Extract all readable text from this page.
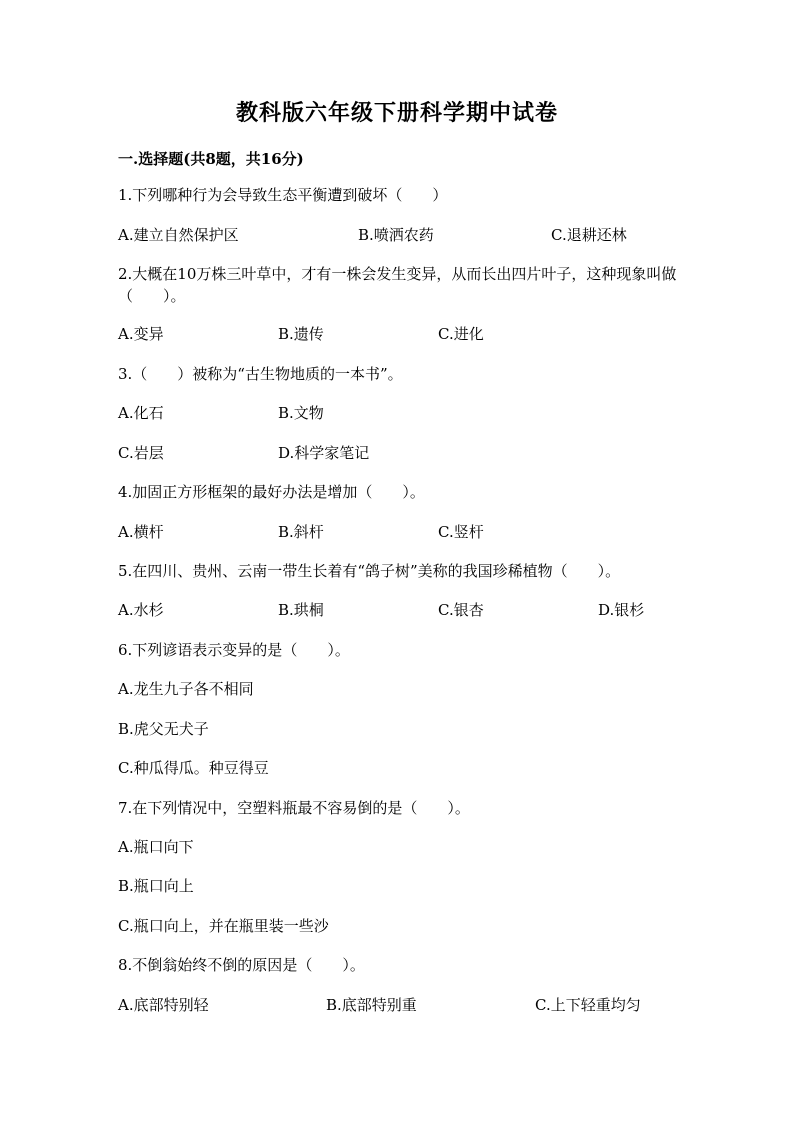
教科版六年级下册科学期中试卷
一.选择题(共8题，共16分)
1.下列哪种行为会导致生态平衡遭到破坏（　　）
A.建立自然保护区	B.喷洒农药	C.退耕还林
2.大概在10万株三叶草中，才有一株会发生变异，从而长出四片叶子，这种现象叫做（　　）。
A.变异	B.遗传	C.进化
3.（　　）被称为“古生物地质的一本书”。
A.化石	B.文物
C.岩层	D.科学家笔记
4.加固正方形框架的最好办法是增加（　　）。
A.横杆	B.斜杆	C.竖杆
5.在四川、贵州、云南一带生长着有“鸽子树”美称的我国珍稀植物（　　）。
A.水杉	B.珙桐	C.银杏	D.银杉
6.下列谚语表示变异的是（　　）。
A.龙生九子各不相同
B.虎父无犬子
C.种瓜得瓜。种豆得豆
7.在下列情况中，空塑料瓶最不容易倒的是（　　）。
A.瓶口向下
B.瓶口向上
C.瓶口向上，并在瓶里装一些沙
8.不倒翁始终不倒的原因是（　　）。
A.底部特别轻	B.底部特别重	C.上下轻重均匀
